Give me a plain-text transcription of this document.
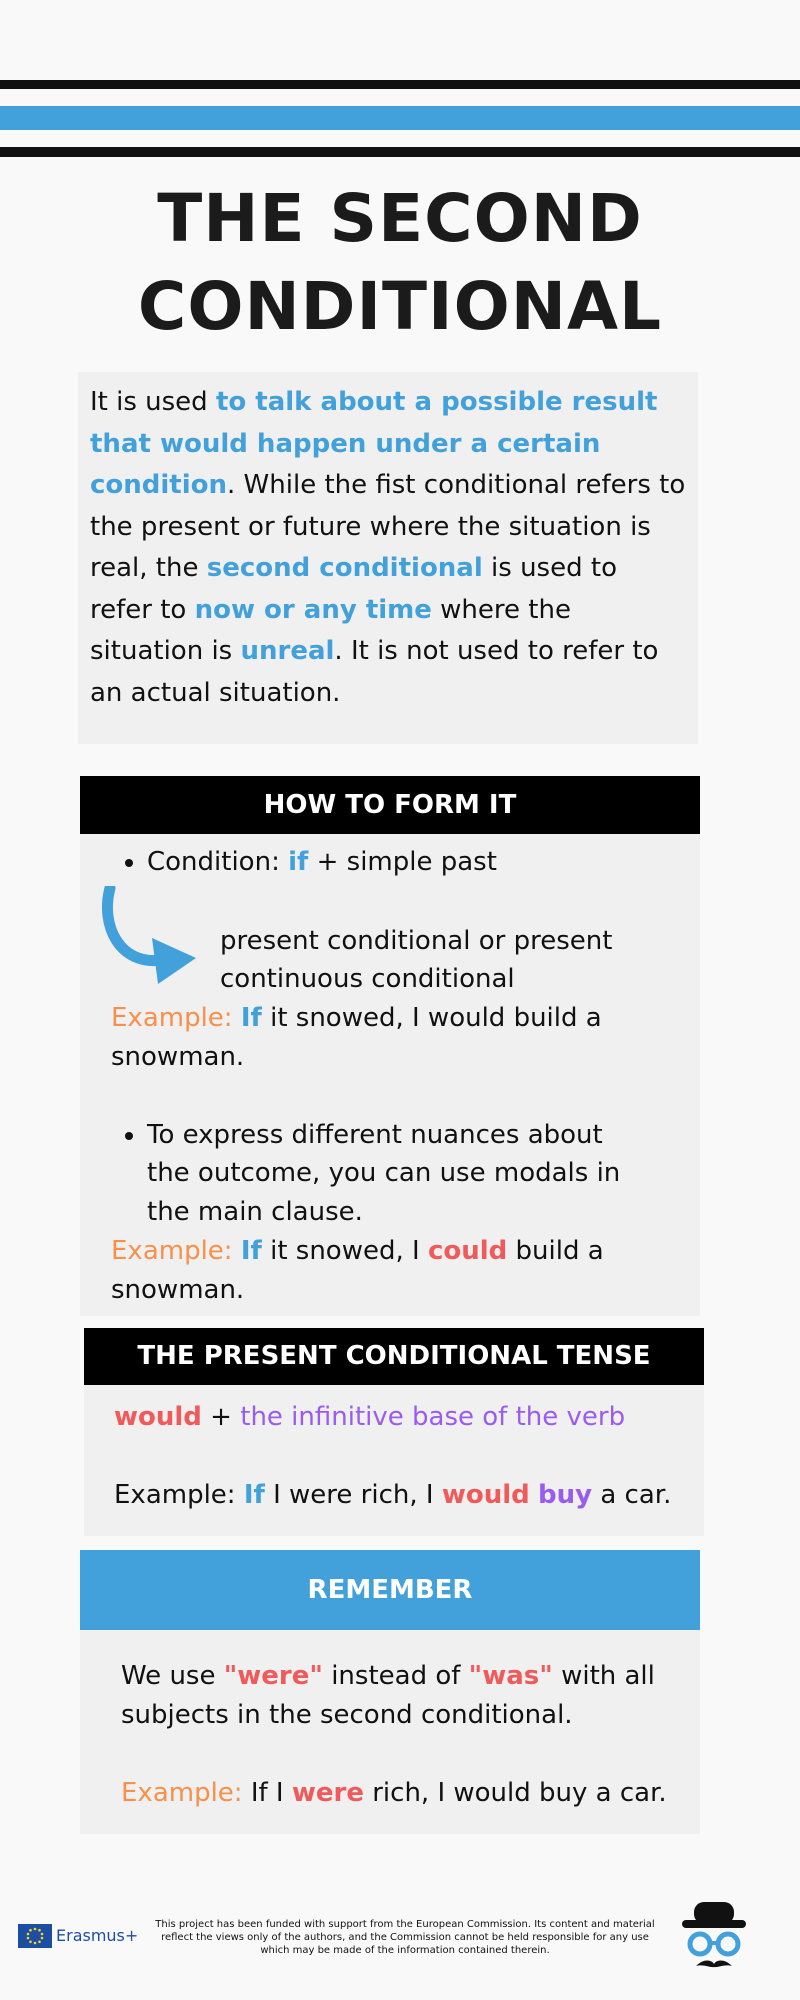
THE SECOND
CONDITIONAL
It is used to talk about a possible result that would happen under a certain condition. While the fist conditional refers to the present or future where the situation is real, the second conditional is used to refer to now or any time where the situation is unreal. It is not used to refer to an actual situation.
HOW TO FORM IT
Condition: if + simple past
present conditional or present
continuous conditional
Example: If it snowed, I would build a
snowman.
To express different nuances about
the outcome, you can use modals in
the main clause.
Example: If it snowed, I could build a
snowman.
THE PRESENT CONDITIONAL TENSE
would + the infinitive base of the verb
Example: If I were rich, I would buy a car.
REMEMBER
We use "were" instead of "was" with all
subjects in the second conditional.
Example: If I were rich, I would buy a car.
Erasmus+
This project has been funded with support from the European Commission. Its content and material reflect the views only of the authors, and the Commission cannot be held responsible for any use which may be made of the information contained therein.
